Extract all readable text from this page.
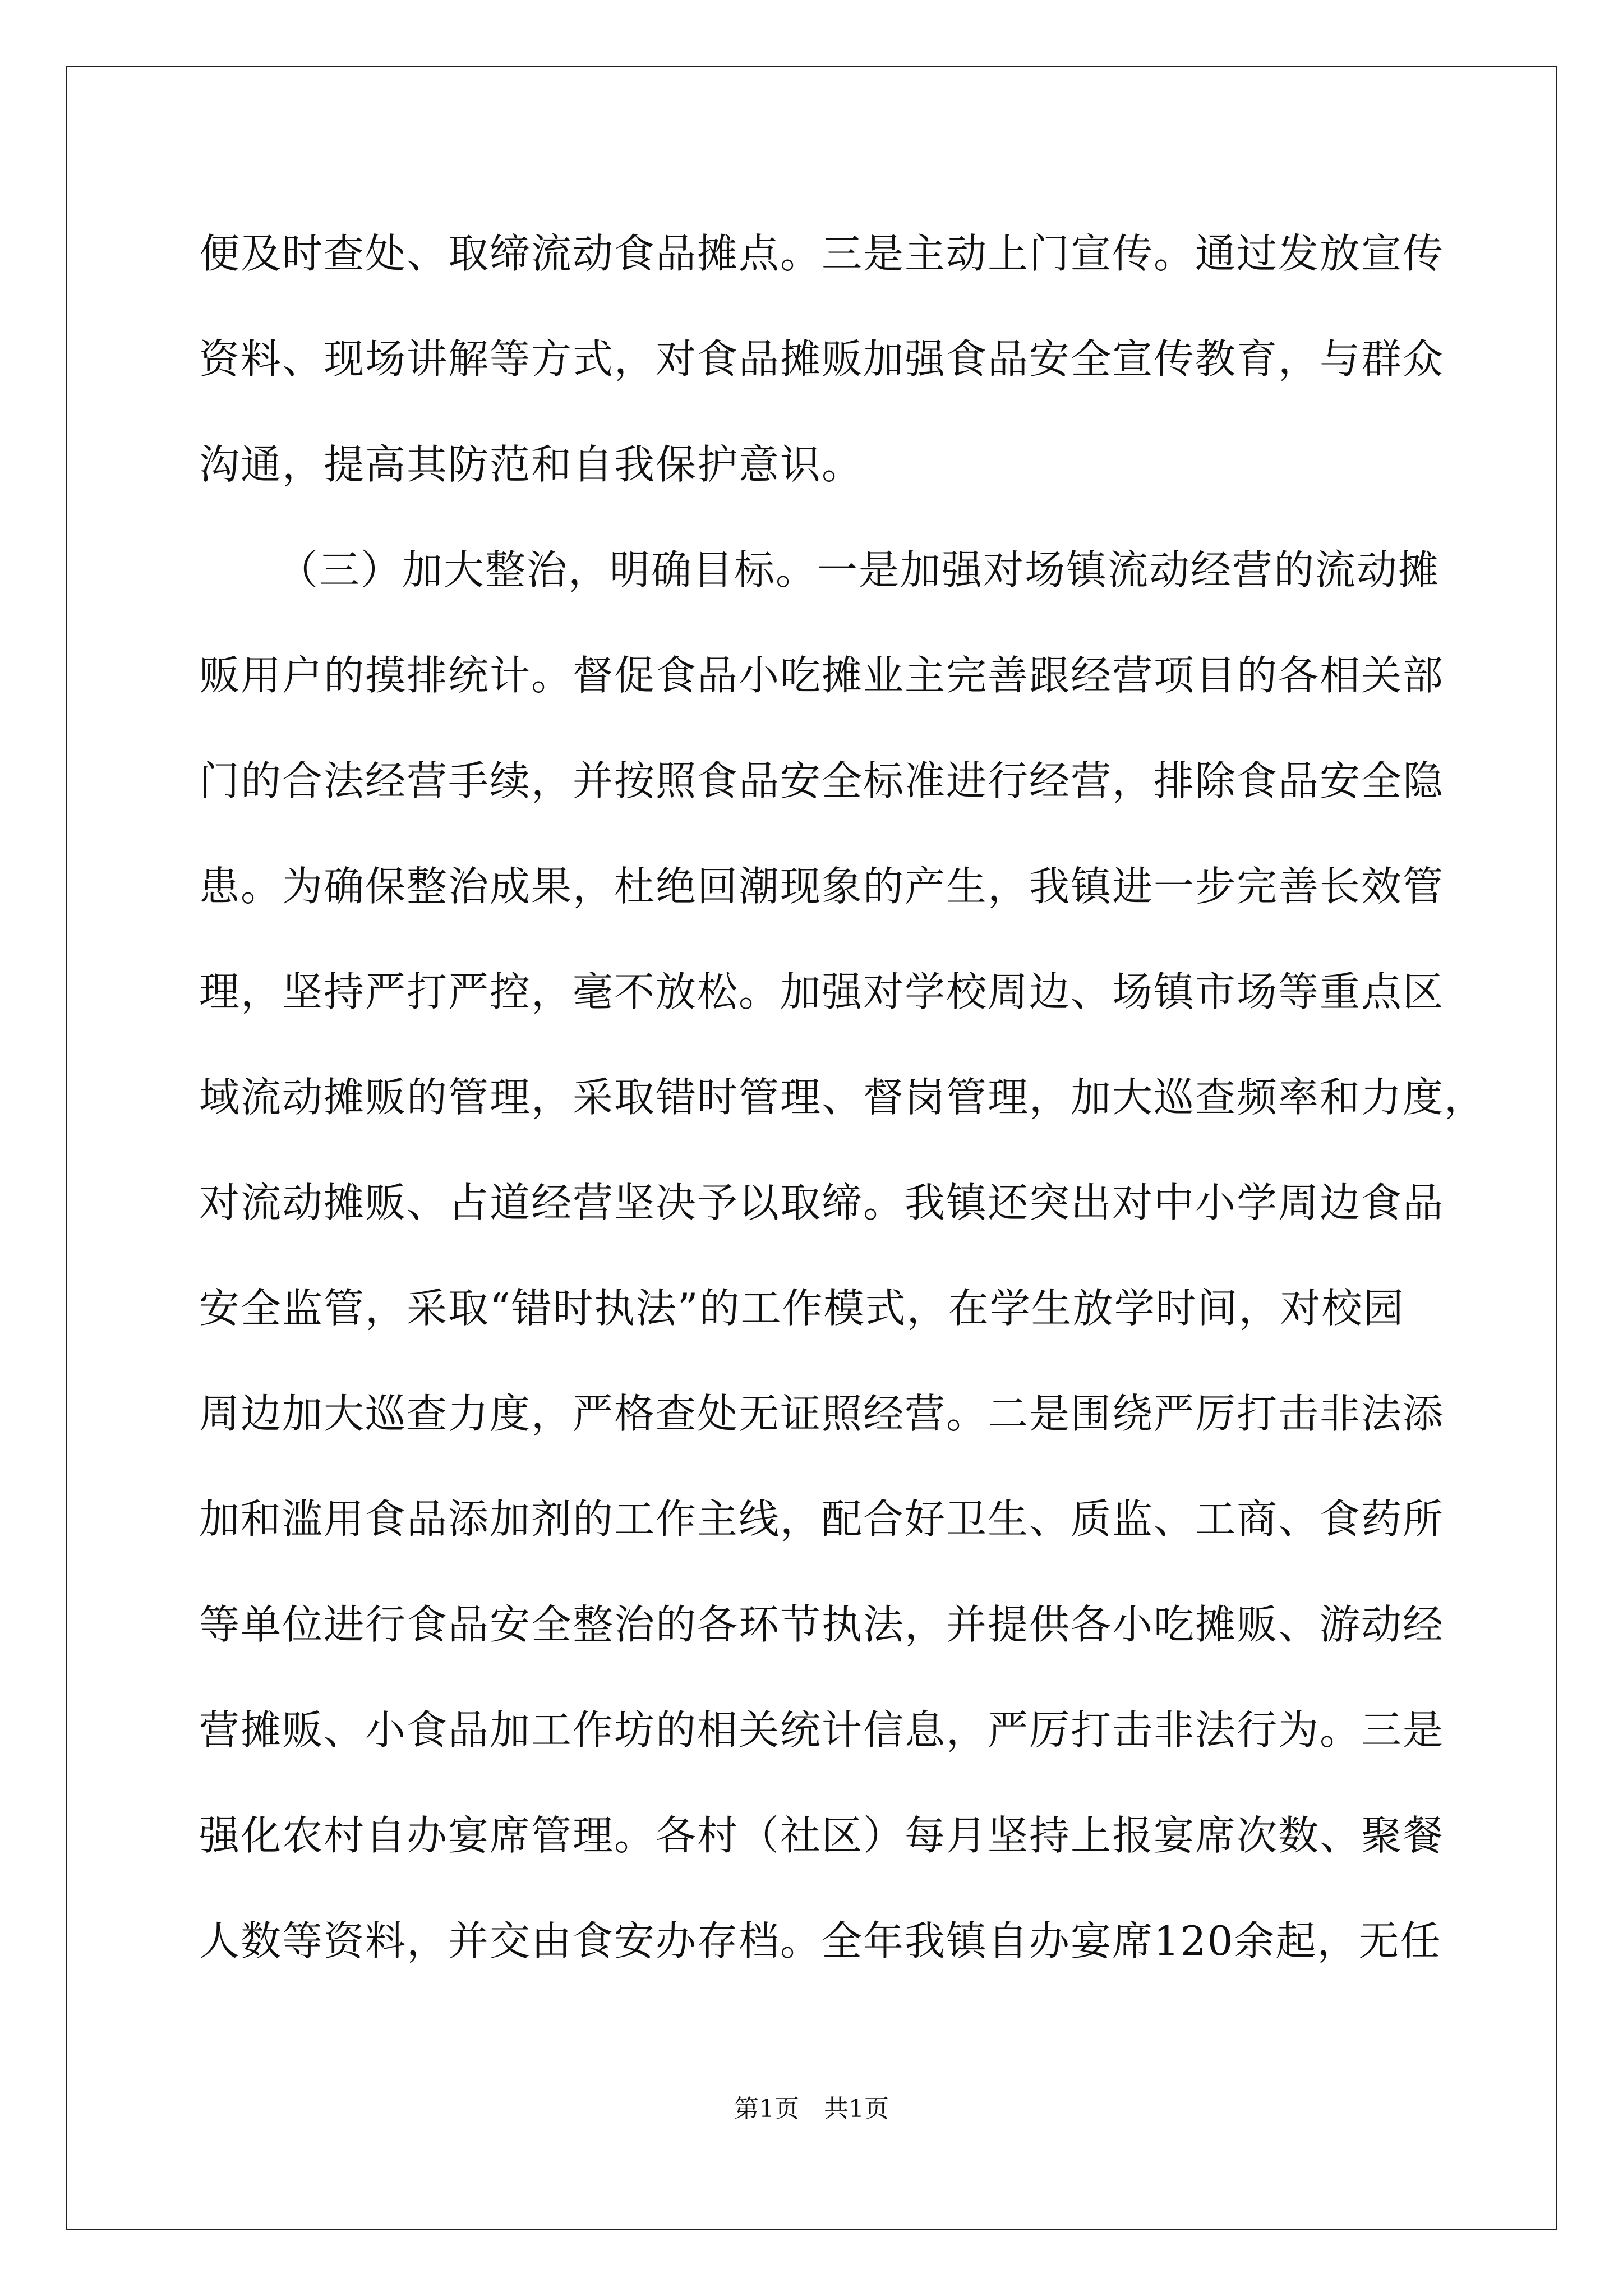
便及时查处、取缔流动食品摊点。三是主动上门宣传。通过发放宣传
资料、现场讲解等方式，对食品摊贩加强食品安全宣传教育，与群众
沟通，提高其防范和自我保护意识。
（三）加大整治，明确目标。一是加强对场镇流动经营的流动摊
贩用户的摸排统计。督促食品小吃摊业主完善跟经营项目的各相关部
门的合法经营手续，并按照食品安全标准进行经营，排除食品安全隐
患。为确保整治成果，杜绝回潮现象的产生，我镇进一步完善长效管
理，坚持严打严控，毫不放松。加强对学校周边、场镇市场等重点区
域流动摊贩的管理，采取错时管理、督岗管理，加大巡查频率和力度，
对流动摊贩、占道经营坚决予以取缔。我镇还突出对中小学周边食品
安全监管，采取“错时执法”的工作模式，在学生放学时间，对校园
周边加大巡查力度，严格查处无证照经营。二是围绕严厉打击非法添
加和滥用食品添加剂的工作主线，配合好卫生、质监、工商、食药所
等单位进行食品安全整治的各环节执法，并提供各小吃摊贩、游动经
营摊贩、小食品加工作坊的相关统计信息，严厉打击非法行为。三是
强化农村自办宴席管理。各村（社区）每月坚持上报宴席次数、聚餐
人数等资料，并交由食安办存档。全年我镇自办宴席120余起，无任
第1页　共1页
